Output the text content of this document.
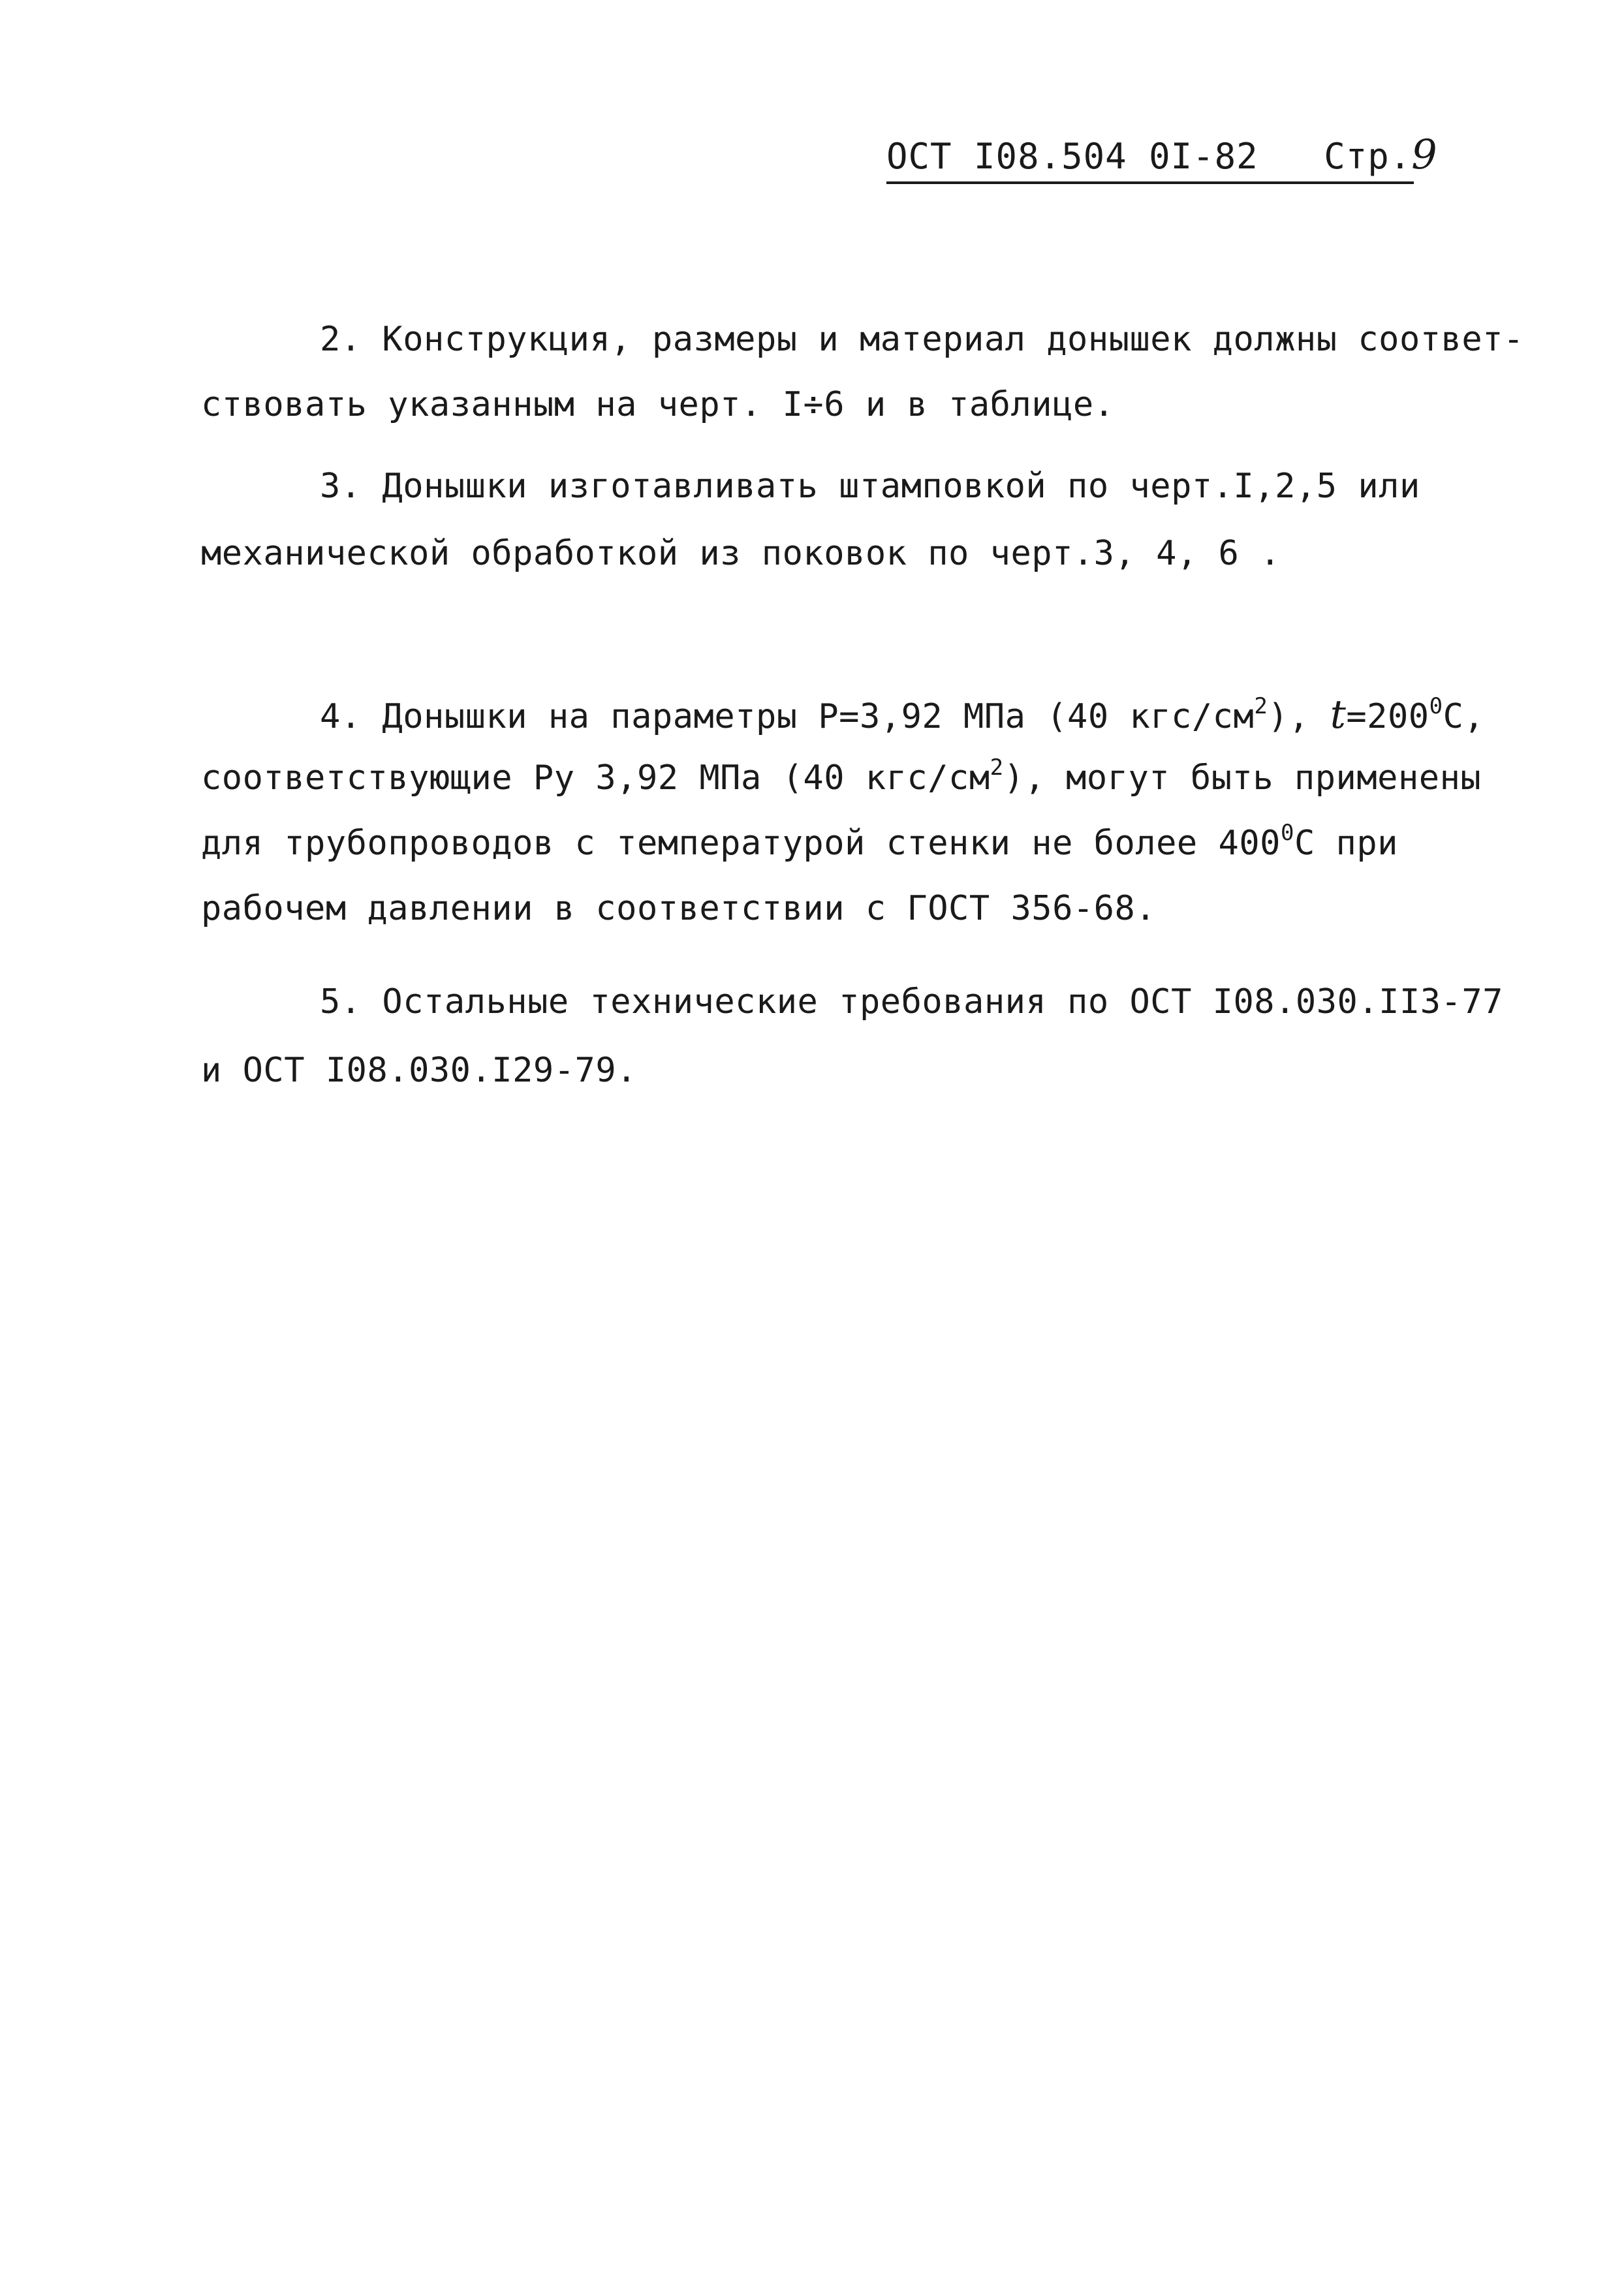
ОСТ I08.504 0I-82 Стр.9
2. Конструкция, размеры и материал донышек должны соответ-
ствовать указанным на черт. I÷6 и в таблице.
3. Донышки изготавливать штамповкой по черт.I,2,5 или
механической обработкой из поковок по черт.3, 4, 6 .
4. Донышки на параметры Р=3,92 МПа (40 кгс/$см^2$), $t=200^0С$,
соответствующие Ру 3,92 МПа (40 кгс/$см^2$), могут быть применены
для трубопроводов с температурой стенки не более $400^0С$ при
рабочем давлении в соответствии с ГОСТ 356-68.
5. Остальные технические требования по ОСТ I08.030.II3-77
и ОСТ I08.030.I29-79.
